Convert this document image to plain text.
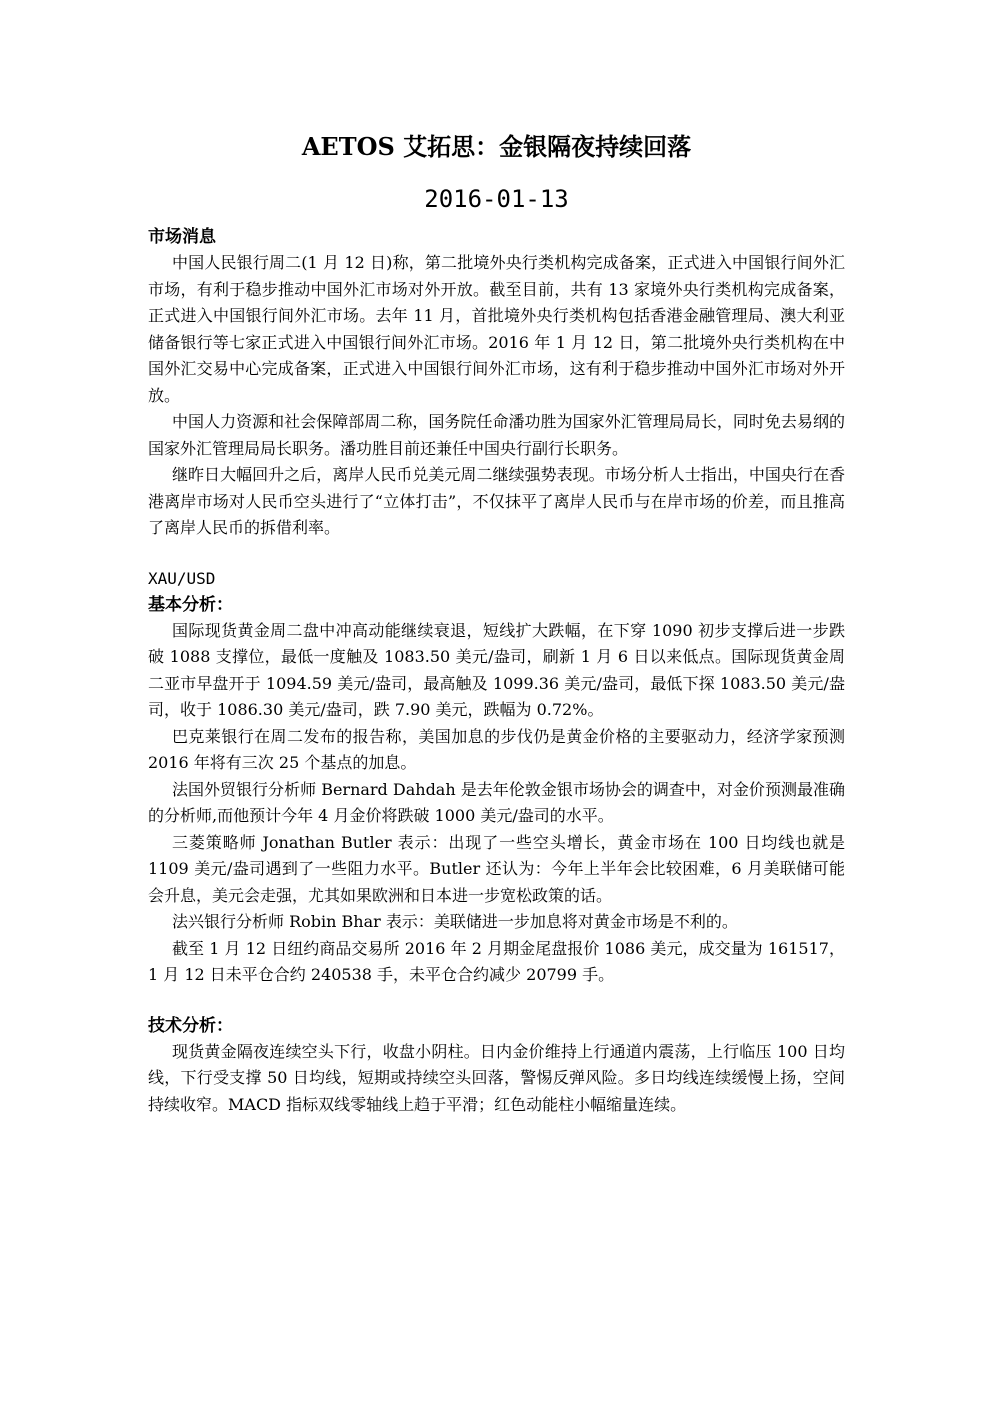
AETOS 艾拓思：金银隔夜持续回落
2016-01-13

市场消息

中国人民银行周二(1 月 12 日)称，第二批境外央行类机构完成备案，正式进入中国银行间外汇市场，有利于稳步推动中国外汇市场对外开放。截至目前，共有 13 家境外央行类机构完成备案，正式进入中国银行间外汇市场。去年 11 月，首批境外央行类机构包括香港金融管理局、澳大利亚储备银行等七家正式进入中国银行间外汇市场。2016 年 1 月 12 日，第二批境外央行类机构在中国外汇交易中心完成备案，正式进入中国银行间外汇市场，这有利于稳步推动中国外汇市场对外开放。

中国人力资源和社会保障部周二称，国务院任命潘功胜为国家外汇管理局局长，同时免去易纲的国家外汇管理局局长职务。潘功胜目前还兼任中国央行副行长职务。

继昨日大幅回升之后，离岸人民币兑美元周二继续强势表现。市场分析人士指出，中国央行在香港离岸市场对人民币空头进行了“立体打击”，不仅抹平了离岸人民币与在岸市场的价差，而且推高了离岸人民币的拆借利率。

XAU/USD

基本分析：

国际现货黄金周二盘中冲高动能继续衰退，短线扩大跌幅，在下穿 1090 初步支撑后进一步跌破 1088 支撑位，最低一度触及 1083.50 美元/盎司，刷新 1 月 6 日以来低点。国际现货黄金周二亚市早盘开于 1094.59 美元/盎司，最高触及 1099.36 美元/盎司，最低下探 1083.50 美元/盎司，收于 1086.30 美元/盎司，跌 7.90 美元，跌幅为 0.72%。

巴克莱银行在周二发布的报告称，美国加息的步伐仍是黄金价格的主要驱动力，经济学家预测 2016 年将有三次 25 个基点的加息。

法国外贸银行分析师 Bernard Dahdah 是去年伦敦金银市场协会的调查中，对金价预测最准确的分析师,而他预计今年 4 月金价将跌破 1000 美元/盎司的水平。

三菱策略师 Jonathan Butler 表示：出现了一些空头增长，黄金市场在 100 日均线也就是 1109 美元/盎司遇到了一些阻力水平。Butler 还认为：今年上半年会比较困难，6 月美联储可能会升息，美元会走强，尤其如果欧洲和日本进一步宽松政策的话。

法兴银行分析师 Robin Bhar 表示：美联储进一步加息将对黄金市场是不利的。

截至 1 月 12 日纽约商品交易所 2016 年 2 月期金尾盘报价 1086 美元，成交量为 161517，1 月 12 日未平仓合约 240538 手，未平仓合约减少 20799 手。

技术分析：

现货黄金隔夜连续空头下行，收盘小阴柱。日内金价维持上行通道内震荡，上行临压 100 日均线，下行受支撑 50 日均线，短期或持续空头回落，警惕反弹风险。多日均线连续缓慢上扬，空间持续收窄。MACD 指标双线零轴线上趋于平滑；红色动能柱小幅缩量连续。
